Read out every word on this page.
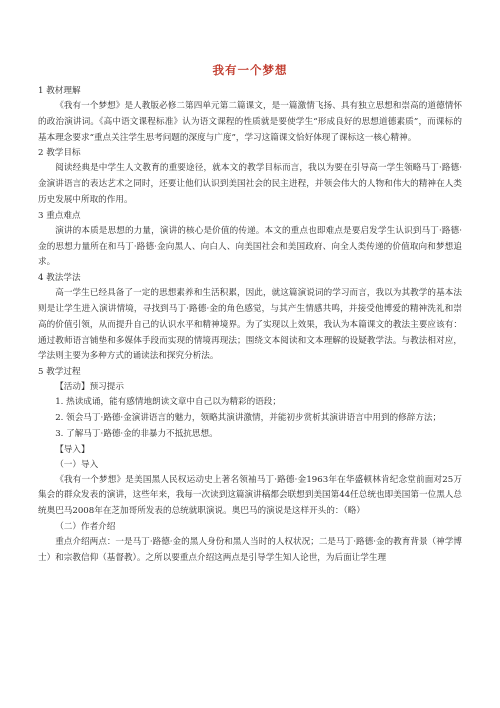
我有一个梦想

1 教材理解

《我有一个梦想》是人教版必修二第四单元第二篇课文，是一篇激情飞扬、具有独立思想和崇高的道德情怀的政治演讲词。《高中语文课程标准》认为语文课程的性质就是要使学生“形成良好的思想道德素质”，而课标的基本理念要求“重点关注学生思考问题的深度与广度”，学习这篇课文恰好体现了课标这一核心精神。

2 教学目标

阅读经典是中学生人文教育的重要途径，就本文的教学目标而言，我以为要在引导高一学生领略马丁·路德·金演讲语言的表达艺术之同时，还要让他们认识到美国社会的民主进程，并领会伟大的人物和伟大的精神在人类历史发展中所取的作用。

3 重点难点

演讲的本质是思想的力量，演讲的核心是价值的传递。本文的重点也即难点是要启发学生认识到马丁·路德·金的思想力量所在和马丁·路德·金向黑人、向白人、向美国社会和美国政府、向全人类传递的价值取向和梦想追求。

4 教法学法

高一学生已经具备了一定的思想素养和生活积累，因此，就这篇演说词的学习而言，我以为其教学的基本法则是让学生进入演讲情境，寻找到马丁·路德·金的角色感觉，与其产生情感共鸣，并接受他博爱的精神洗礼和崇高的价值引领，从而提升自己的认识水平和精神境界。为了实现以上效果，我认为本篇课文的教法主要应该有：通过教师语言铺垫和多媒体手段而实现的情境再现法；围绕文本阅读和文本理解的设疑教学法。与教法相对应，学法则主要为多种方式的诵读法和探究分析法。

5 教学过程

【活动】预习提示

1. 热读成诵，能有感情地朗读文章中自己以为精彩的语段；

2. 领会马丁·路德·金演讲语言的魅力，领略其演讲激情，并能初步赏析其演讲语言中用到的修辞方法；

3. 了解马丁·路德·金的非暴力不抵抗思想。

【导入】

（一）导入

《我有一个梦想》是美国黑人民权运动史上著名领袖马丁·路德·金1963年在华盛顿林肯纪念堂前面对25万集会的群众发表的演讲，这些年来，我每一次读到这篇演讲稿都会联想到美国第44任总统也即美国第一位黑人总统奥巴马2008年在芝加哥所发表的总统就职演说。奥巴马的演说是这样开头的：（略）

（二）作者介绍

重点介绍两点：一是马丁·路德·金的黑人身份和黑人当时的人权状况；二是马丁·路德·金的教育背景（神学博士）和宗教信仰（基督教）。之所以要重点介绍这两点是引导学生知人论世，为后面让学生理
